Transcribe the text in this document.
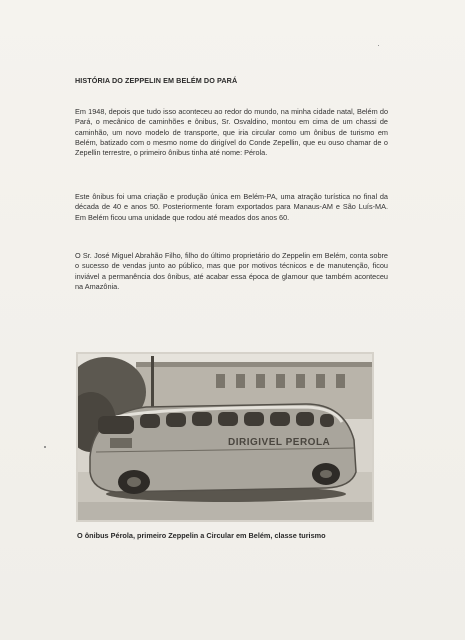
HISTÓRIA DO ZEPPELIN EM BELÉM DO PARÁ

Em 1948, depois que tudo isso aconteceu ao redor do mundo, na minha cidade natal, Belém do Pará, o mecânico de caminhões e ônibus, Sr. Osvaldino, montou em cima de um chassi de caminhão, um novo modelo de transporte, que iria circular como um ônibus de turismo em Belém, batizado com o mesmo nome do dirigível do Conde Zepellin, que eu ouso chamar de o Zepellin terrestre, o primeiro ônibus tinha até nome: Pérola.

Este ônibus foi uma criação e produção única em Belém-PA, uma atração turística no final da década de 40 e anos 50. Posteriormente foram exportados para Manaus-AM e São Luís-MA. Em Belém ficou uma unidade que rodou até meados dos anos 60.

O Sr. José Miguel Abrahão Filho, filho do último proprietário do Zeppelin em Belém, conta sobre o sucesso de vendas junto ao público, mas que por motivos técnicos e de manutenção, ficou inviável a permanência dos ônibus, até acabar essa época de glamour que também aconteceu na Amazônia.

DIRIGIVEL PEROLA
O ônibus Pérola, primeiro Zeppelin a Circular em Belém, classe turismo
